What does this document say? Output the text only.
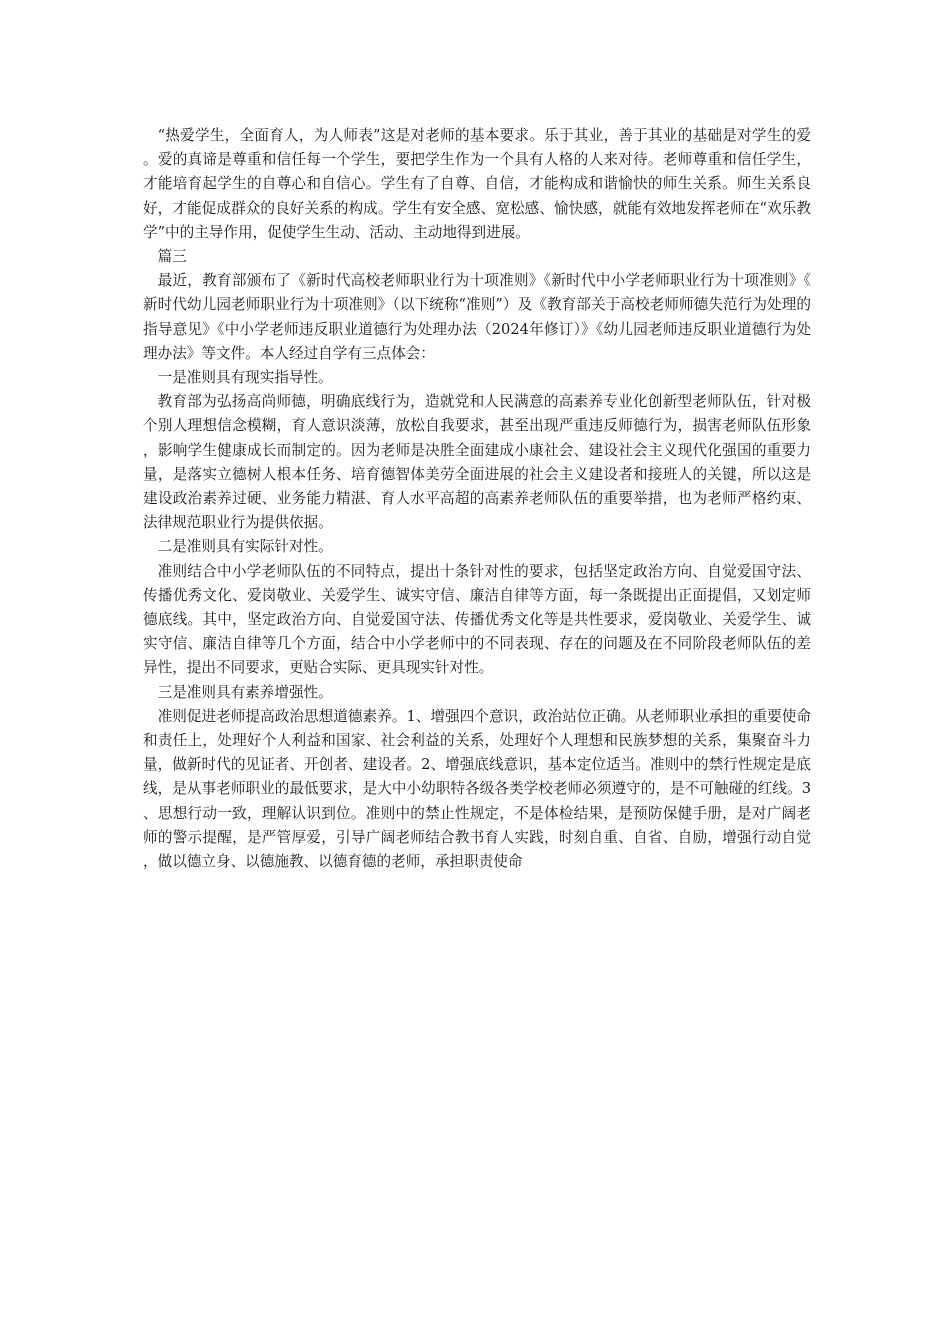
“热爱学生，全面育人，为人师表”这是对老师的基本要求。乐于其业，善于其业的基础是对学生的爱。爱的真谛是尊重和信任每一个学生，要把学生作为一个具有人格的人来对待。老师尊重和信任学生，才能培育起学生的自尊心和自信心。学生有了自尊、自信，才能构成和谐愉快的师生关系。师生关系良好，才能促成群众的良好关系的构成。学生有安全感、宽松感、愉快感，就能有效地发挥老师在“欢乐教学”中的主导作用，促使学生生动、活动、主动地得到进展。

篇三

最近，教育部颁布了《新时代高校老师职业行为十项准则》《新时代中小学老师职业行为十项准则》《新时代幼儿园老师职业行为十项准则》（以下统称“准则”）及《教育部关于高校老师师德失范行为处理的指导意见》《中小学老师违反职业道德行为处理办法（2024年修订）》《幼儿园老师违反职业道德行为处理办法》等文件。本人经过自学有三点体会：

一是准则具有现实指导性。

教育部为弘扬高尚师德，明确底线行为，造就党和人民满意的高素养专业化创新型老师队伍，针对极个别人理想信念模糊，育人意识淡薄，放松自我要求，甚至出现严重违反师德行为，损害老师队伍形象，影响学生健康成长而制定的。因为老师是决胜全面建成小康社会、建设社会主义现代化强国的重要力量，是落实立德树人根本任务、培育德智体美劳全面进展的社会主义建设者和接班人的关键，所以这是建设政治素养过硬、业务能力精湛、育人水平高超的高素养老师队伍的重要举措，也为老师严格约束、法律规范职业行为提供依据。

二是准则具有实际针对性。

准则结合中小学老师队伍的不同特点，提出十条针对性的要求，包括坚定政治方向、自觉爱国守法、传播优秀文化、爱岗敬业、关爱学生、诚实守信、廉洁自律等方面，每一条既提出正面提倡，又划定师德底线。其中，坚定政治方向、自觉爱国守法、传播优秀文化等是共性要求，爱岗敬业、关爱学生、诚实守信、廉洁自律等几个方面，结合中小学老师中的不同表现、存在的问题及在不同阶段老师队伍的差异性，提出不同要求，更贴合实际、更具现实针对性。

三是准则具有素养增强性。

准则促进老师提高政治思想道德素养。1、增强四个意识，政治站位正确。从老师职业承担的重要使命和责任上，处理好个人利益和国家、社会利益的关系，处理好个人理想和民族梦想的关系，集聚奋斗力量，做新时代的见证者、开创者、建设者。2、增强底线意识，基本定位适当。准则中的禁行性规定是底线，是从事老师职业的最低要求，是大中小幼职特各级各类学校老师必须遵守的，是不可触碰的红线。3、思想行动一致，理解认识到位。准则中的禁止性规定，不是体检结果，是预防保健手册，是对广阔老师的警示提醒，是严管厚爱，引导广阔老师结合教书育人实践，时刻自重、自省、自励，增强行动自觉，做以德立身、以德施教、以德育德的老师，承担职责使命
